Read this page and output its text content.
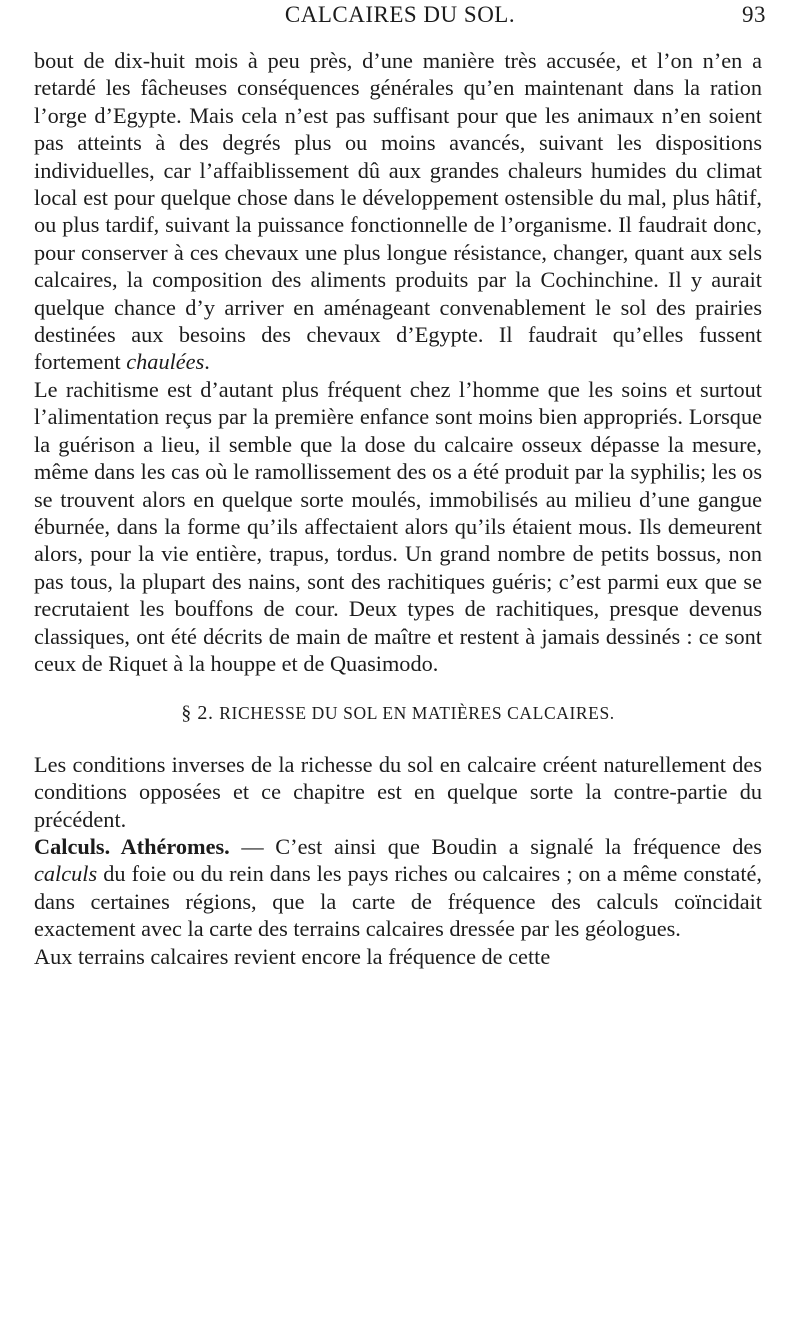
CALCAIRES DU SOL.	93

bout de dix-huit mois à peu près, d’une manière très accusée, et l’on n’en a retardé les fâcheuses conséquences générales qu’en maintenant dans la ration l’orge d’Egypte. Mais cela n’est pas suffisant pour que les animaux n’en soient pas atteints à des degrés plus ou moins avancés, suivant les dispositions individuelles, car l’affaiblissement dû aux grandes chaleurs humides du climat local est pour quelque chose dans le développement ostensible du mal, plus hâtif, ou plus tardif, suivant la puissance fonctionnelle de l’organisme. Il faudrait donc, pour conserver à ces chevaux une plus longue résistance, changer, quant aux sels calcaires, la composition des aliments produits par la Cochinchine. Il y aurait quelque chance d’y arriver en aménageant convenablement le sol des prairies destinées aux besoins des chevaux d’Egypte. Il faudrait qu’elles fussent fortement chaulées.

Le rachitisme est d’autant plus fréquent chez l’homme que les soins et surtout l’alimentation reçus par la première enfance sont moins bien appropriés. Lorsque la guérison a lieu, il semble que la dose du calcaire osseux dépasse la mesure, même dans les cas où le ramollissement des os a été produit par la syphilis; les os se trouvent alors en quelque sorte moulés, immobilisés au milieu d’une gangue éburnée, dans la forme qu’ils affectaient alors qu’ils étaient mous. Ils demeurent alors, pour la vie entière, trapus, tordus. Un grand nombre de petits bossus, non pas tous, la plupart des nains, sont des rachitiques guéris; c’est parmi eux que se recrutaient les bouffons de cour. Deux types de rachitiques, presque devenus classiques, ont été décrits de main de maître et restent à jamais dessinés : ce sont ceux de Riquet à la houppe et de Quasimodo.

§ 2. RICHESSE DU SOL EN MATIÈRES CALCAIRES.

Les conditions inverses de la richesse du sol en calcaire créent naturellement des conditions opposées et ce chapitre est en quelque sorte la contre-partie du précédent.

Calculs. Athéromes. — C’est ainsi que Boudin a signalé la fréquence des calculs du foie ou du rein dans les pays riches ou calcaires ; on a même constaté, dans certaines régions, que la carte de fréquence des calculs coïncidait exactement avec la carte des terrains calcaires dressée par les géologues.

Aux terrains calcaires revient encore la fréquence de cette
